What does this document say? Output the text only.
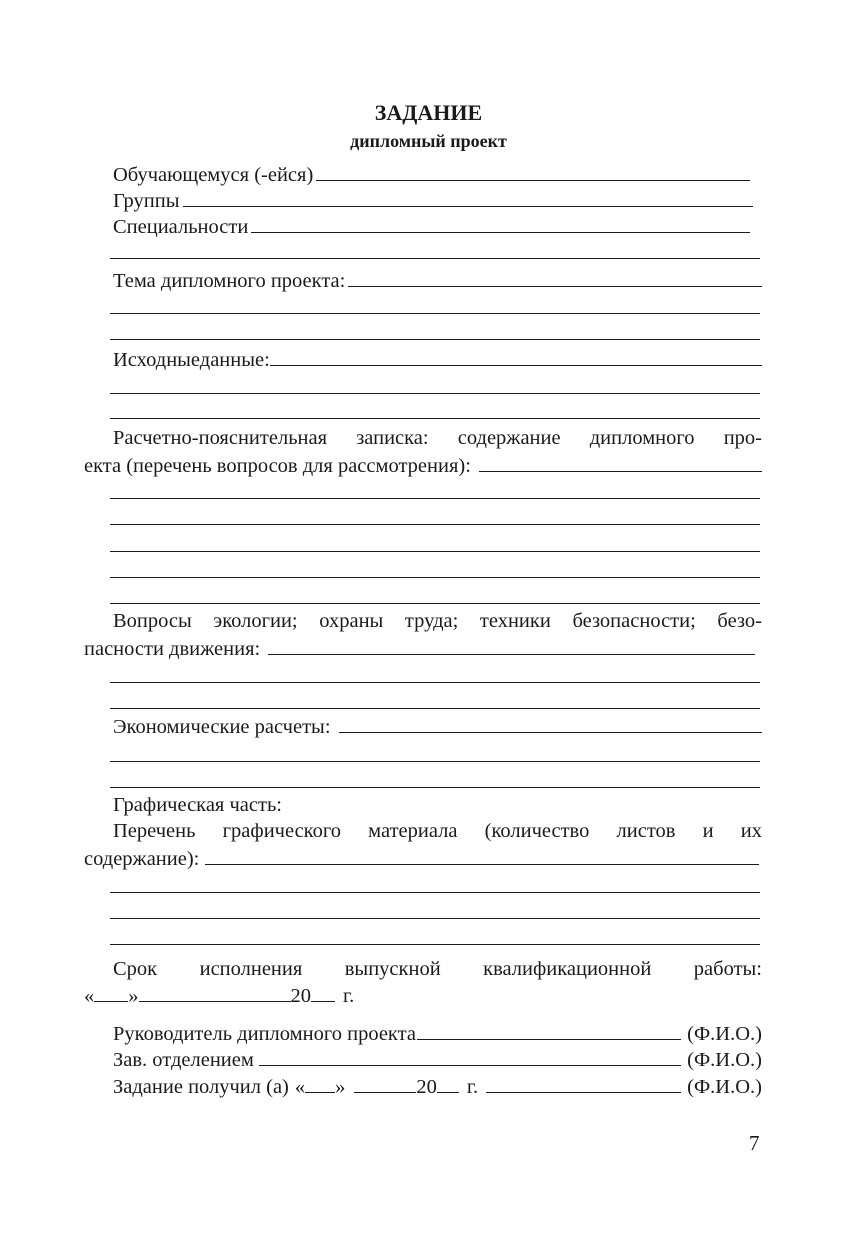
ЗАДАНИЕ
дипломный проект
Обучающемуся (-ейся)
Группы
Специальности
Тема дипломного проекта:
Исходныеданные:
Расчетно-пояснительная записка: содержание дипломного про-
екта (перечень вопросов для рассмотрения):
Вопросы экологии; охраны труда; техники безопасности; безо-
пасности движения:
Экономические расчеты:
Графическая часть:
Перечень графического материала (количество листов и их
содержание):
Срок исполнения выпускной квалификационной работы:
« »	20 г.
Руководитель дипломного проекта	(Ф.И.О.)
Зав. отделением	(Ф.И.О.)
Задание получил (а) « »	20 г.	(Ф.И.О.)
7
